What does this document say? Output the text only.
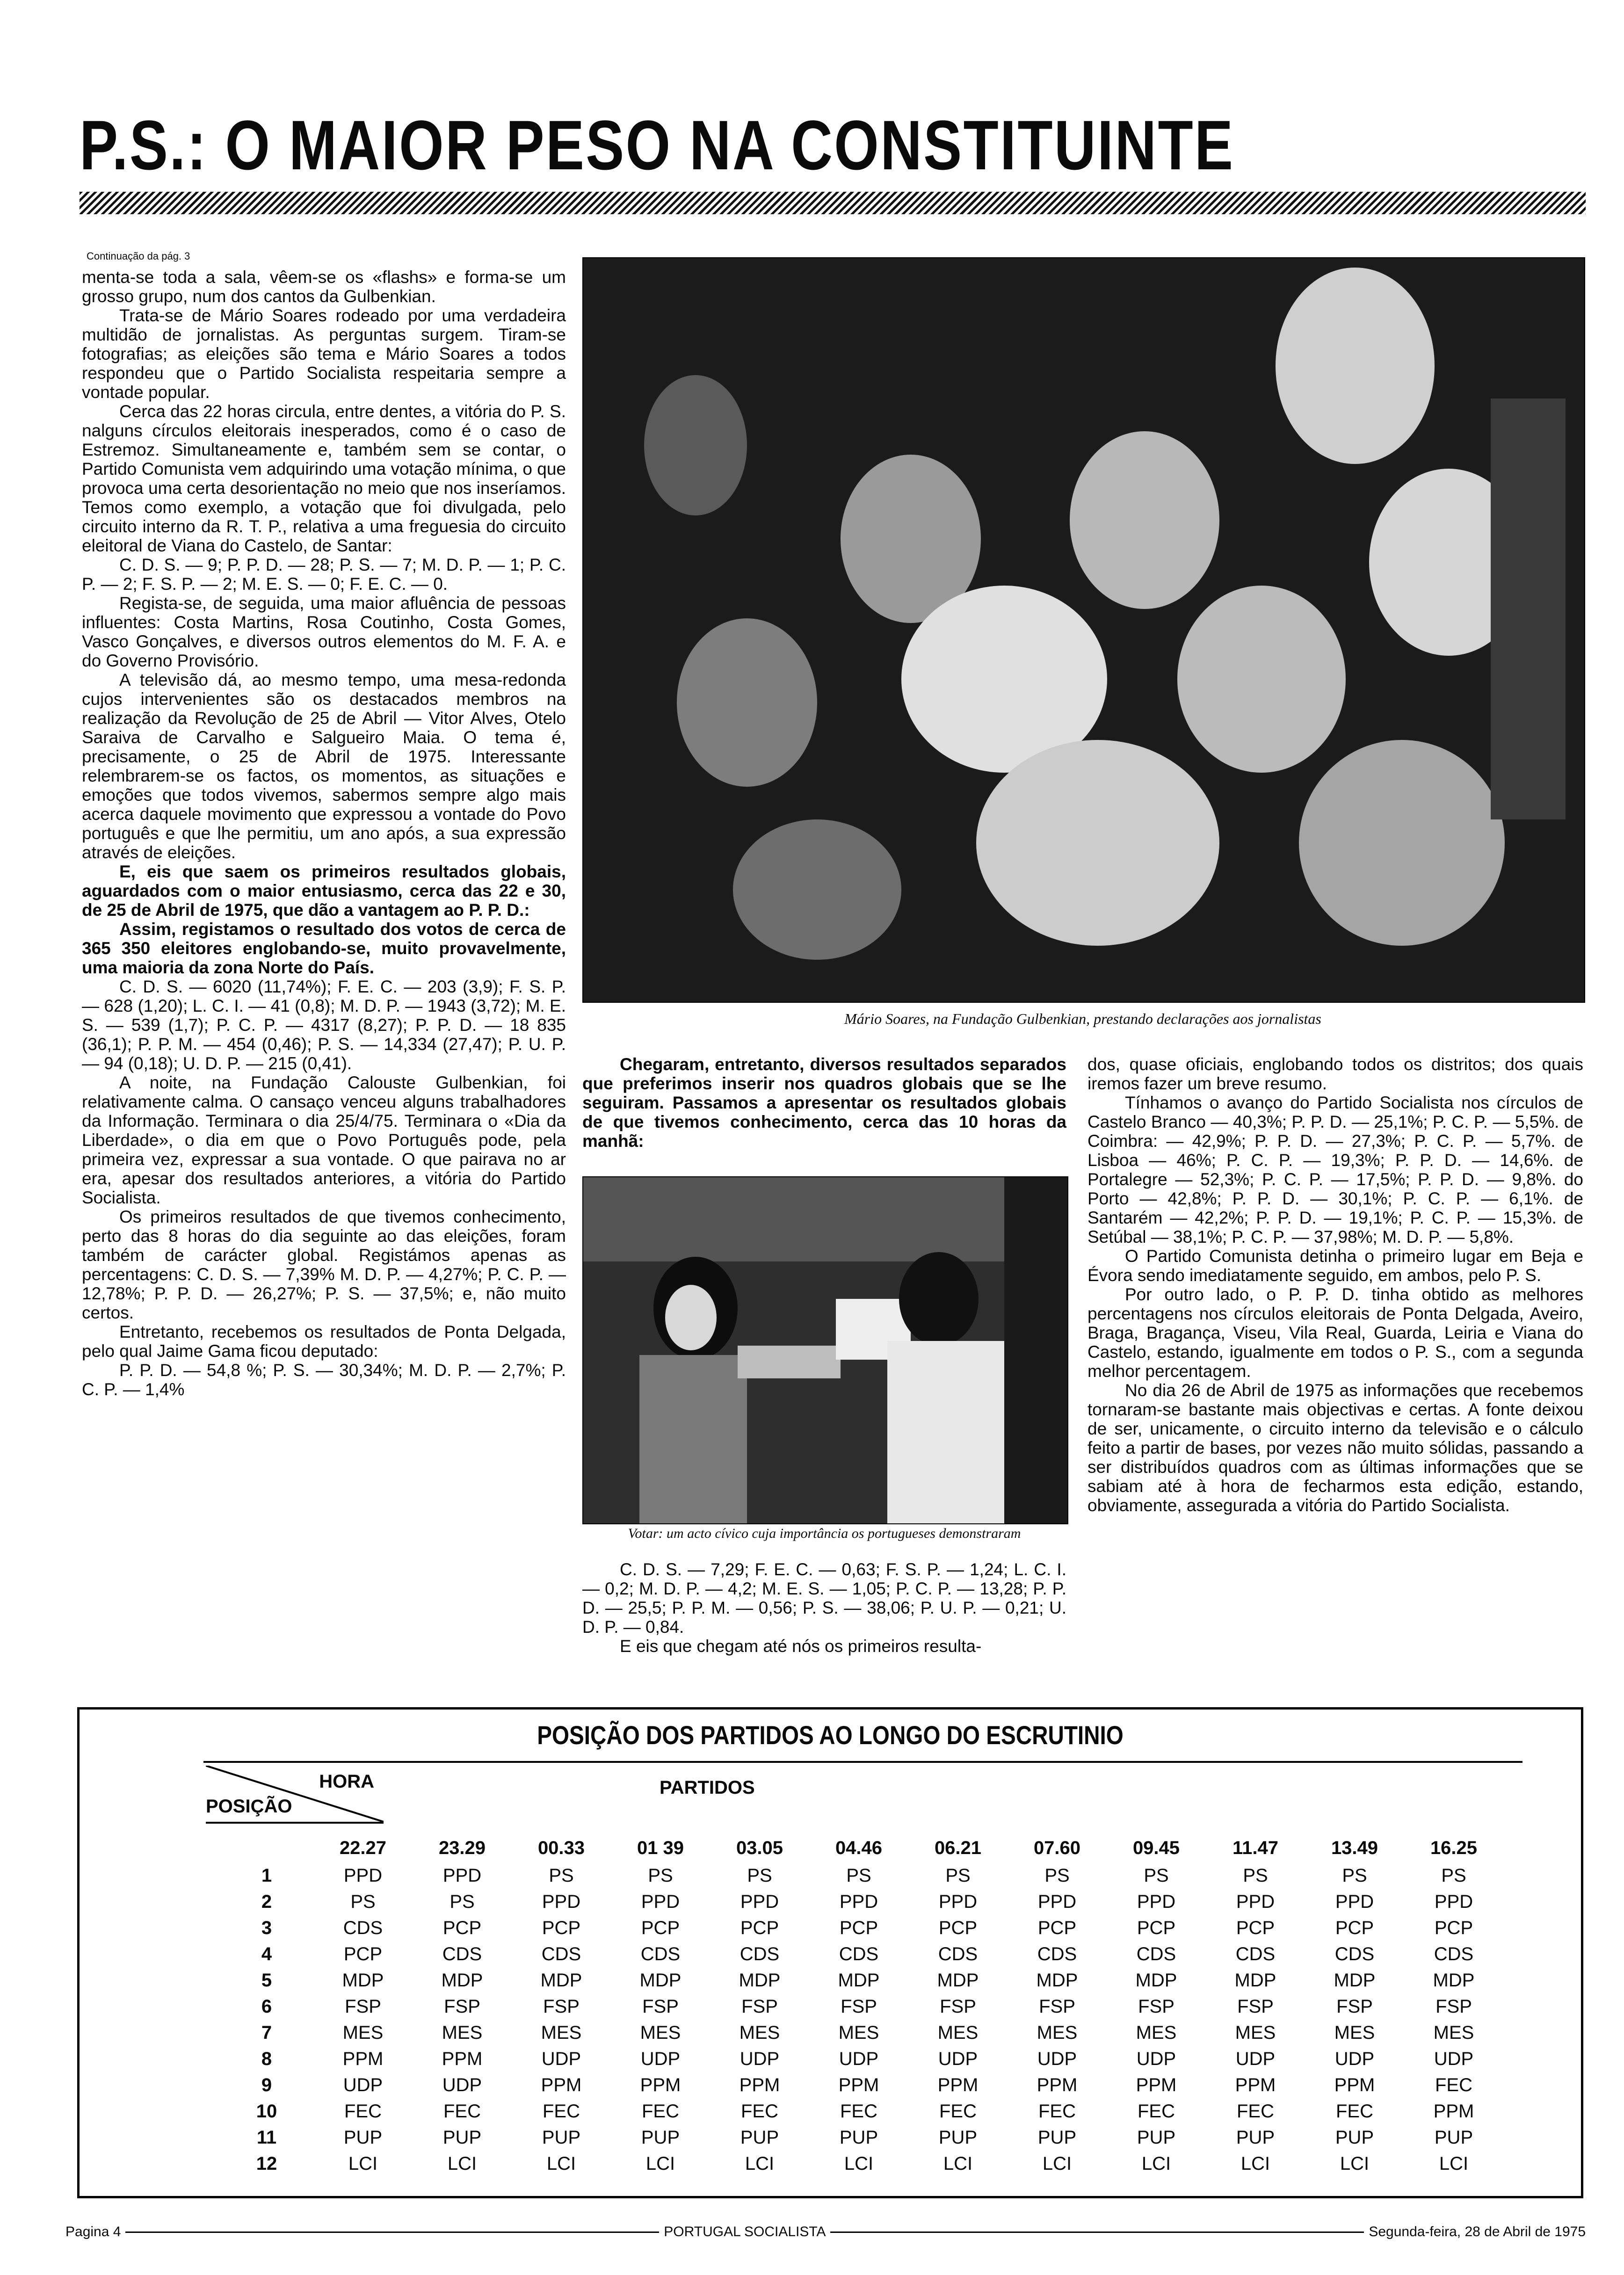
P.S.: O MAIOR PESO NA CONSTITUINTE
Continuação da pág. 3

menta-se toda a sala, vêem-se os «flashs» e forma-se um grosso grupo, num dos cantos da Gulbenkian.

Trata-se de Mário Soares rodeado por uma verdadeira multidão de jornalistas. As perguntas surgem. Tiram-se fotografias; as eleições são tema e Mário Soares a todos respondeu que o Partido Socialista respeitaria sempre a vontade popular.

Cerca das 22 horas circula, entre dentes, a vitória do P. S. nalguns círculos eleitorais inesperados, como é o caso de Estremoz. Simultaneamente e, também sem se contar, o Partido Comunista vem adquirindo uma votação mínima, o que provoca uma certa desorientação no meio que nos inseríamos. Temos como exemplo, a votação que foi divulgada, pelo circuito interno da R. T. P., relativa a uma freguesia do circuito eleitoral de Viana do Castelo, de Santar:

C. D. S. — 9; P. P. D. — 28; P. S. — 7; M. D. P. — 1; P. C. P. — 2; F. S. P. — 2; M. E. S. — 0; F. E. C. — 0.

Regista-se, de seguida, uma maior afluência de pessoas influentes: Costa Martins, Rosa Coutinho, Costa Gomes, Vasco Gonçalves, e diversos outros elementos do M. F. A. e do Governo Provisório.

A televisão dá, ao mesmo tempo, uma mesa-redonda cujos intervenientes são os destacados membros na realização da Revolução de 25 de Abril — Vitor Alves, Otelo Saraiva de Carvalho e Salgueiro Maia. O tema é, precisamente, o 25 de Abril de 1975. Interessante relembrarem-se os factos, os momentos, as situações e emoções que todos vivemos, sabermos sempre algo mais acerca daquele movimento que expressou a vontade do Povo português e que lhe permitiu, um ano após, a sua expressão através de eleições.

E, eis que saem os primeiros resultados globais, aguardados com o maior entusiasmo, cerca das 22 e 30, de 25 de Abril de 1975, que dão a vantagem ao P. P. D.:

Assim, registamos o resultado dos votos de cerca de 365 350 eleitores englobando-se, muito provavelmente, uma maioria da zona Norte do País.

C. D. S. — 6020 (11,74%); F. E. C. — 203 (3,9); F. S. P. — 628 (1,20); L. C. I. — 41 (0,8); M. D. P. — 1943 (3,72); M. E. S. — 539 (1,7); P. C. P. — 4317 (8,27); P. P. D. — 18 835 (36,1); P. P. M. — 454 (0,46); P. S. — 14,334 (27,47); P. U. P. — 94 (0,18); U. D. P. — 215 (0,41).

A noite, na Fundação Calouste Gulbenkian, foi relativamente calma. O cansaço venceu alguns trabalhadores da Informação. Terminara o dia 25/4/75. Terminara o «Dia da Liberdade», o dia em que o Povo Português pode, pela primeira vez, expressar a sua vontade. O que pairava no ar era, apesar dos resultados anteriores, a vitória do Partido Socialista.

Os primeiros resultados de que tivemos conhecimento, perto das 8 horas do dia seguinte ao das eleições, foram também de carácter global. Registámos apenas as percentagens: C. D. S. — 7,39% M. D. P. — 4,27%; P. C. P. — 12,78%; P. P. D. — 26,27%; P. S. — 37,5%; e, não muito certos.

Entretanto, recebemos os resultados de Ponta Delgada, pelo qual Jaime Gama ficou deputado:

P. P. D. — 54,8 %; P. S. — 30,34%; M. D. P. — 2,7%; P. C. P. — 1,4%

Mário Soares, na Fundação Gulbenkian, prestando declarações aos jornalistas

Chegaram, entretanto, diversos resultados separados que preferimos inserir nos quadros globais que se lhe seguiram. Passamos a apresentar os resultados globais de que tivemos conhecimento, cerca das 10 horas da manhã:

Votar: um acto cívico cuja importância os portugueses demonstraram

C. D. S. — 7,29; F. E. C. — 0,63; F. S. P. — 1,24; L. C. I. — 0,2; M. D. P. — 4,2; M. E. S. — 1,05; P. C. P. — 13,28; P. P. D. — 25,5; P. P. M. — 0,56; P. S. — 38,06; P. U. P. — 0,21; U. D. P. — 0,84.

E eis que chegam até nós os primeiros resulta-

dos, quase oficiais, englobando todos os distritos; dos quais iremos fazer um breve resumo.

Tínhamos o avanço do Partido Socialista nos círculos de Castelo Branco — 40,3%; P. P. D. — 25,1%; P. C. P. — 5,5%. de Coimbra: — 42,9%; P. P. D. — 27,3%; P. C. P. — 5,7%. de Lisboa — 46%; P. C. P. — 19,3%; P. P. D. — 14,6%. de Portalegre — 52,3%; P. C. P. — 17,5%; P. P. D. — 9,8%. do Porto — 42,8%; P. P. D. — 30,1%; P. C. P. — 6,1%. de Santarém — 42,2%; P. P. D. — 19,1%; P. C. P. — 15,3%. de Setúbal — 38,1%; P. C. P. — 37,98%; M. D. P. — 5,8%.

O Partido Comunista detinha o primeiro lugar em Beja e Évora sendo imediatamente seguido, em ambos, pelo P. S.

Por outro lado, o P. P. D. tinha obtido as melhores percentagens nos círculos eleitorais de Ponta Delgada, Aveiro, Braga, Bragança, Viseu, Vila Real, Guarda, Leiria e Viana do Castelo, estando, igualmente em todos o P. S., com a segunda melhor percentagem.

No dia 26 de Abril de 1975 as informações que recebemos tornaram-se bastante mais objectivas e certas. A fonte deixou de ser, unicamente, o circuito interno da televisão e o cálculo feito a partir de bases, por vezes não muito sólidas, passando a ser distribuídos quadros com as últimas informações que se sabiam até à hora de fecharmos esta edição, estando, obviamente, assegurada a vitória do Partido Socialista.

POSIÇÃO DOS PARTIDOS AO LONGO DO ESCRUTINIO
HORA
POSIÇÃO
PARTIDOS
22.27	23.29	00.33	01 39	03.05	04.46	06.21	07.60	09.45	11.47	13.49	16.25
1	PPD	PPD	PS	PS	PS	PS	PS	PS	PS	PS	PS	PS
2	PS	PS	PPD	PPD	PPD	PPD	PPD	PPD	PPD	PPD	PPD	PPD
3	CDS	PCP	PCP	PCP	PCP	PCP	PCP	PCP	PCP	PCP	PCP	PCP
4	PCP	CDS	CDS	CDS	CDS	CDS	CDS	CDS	CDS	CDS	CDS	CDS
5	MDP	MDP	MDP	MDP	MDP	MDP	MDP	MDP	MDP	MDP	MDP	MDP
6	FSP	FSP	FSP	FSP	FSP	FSP	FSP	FSP	FSP	FSP	FSP	FSP
7	MES	MES	MES	MES	MES	MES	MES	MES	MES	MES	MES	MES
8	PPM	PPM	UDP	UDP	UDP	UDP	UDP	UDP	UDP	UDP	UDP	UDP
9	UDP	UDP	PPM	PPM	PPM	PPM	PPM	PPM	PPM	PPM	PPM	FEC
10	FEC	FEC	FEC	FEC	FEC	FEC	FEC	FEC	FEC	FEC	FEC	PPM
11	PUP	PUP	PUP	PUP	PUP	PUP	PUP	PUP	PUP	PUP	PUP	PUP
12	LCI	LCI	LCI	LCI	LCI	LCI	LCI	LCI	LCI	LCI	LCI	LCI
Pagina 4	PORTUGAL SOCIALISTA	Segunda-feira, 28 de Abril de 1975
